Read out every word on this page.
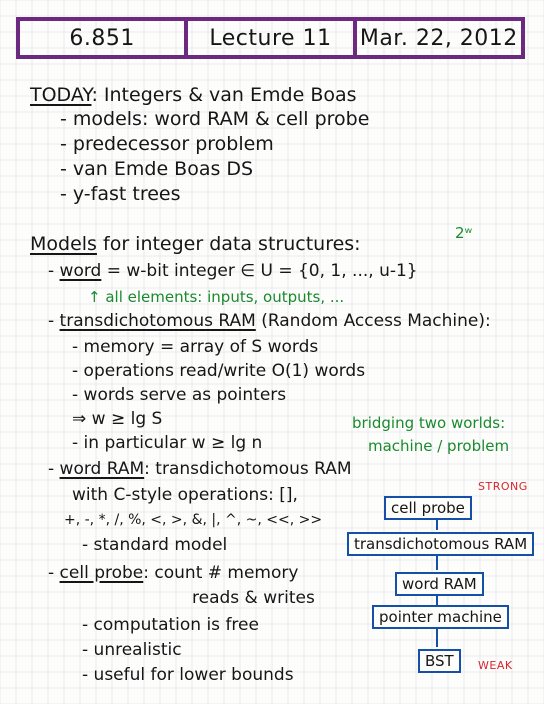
6.851	Lecture 11	Mar. 22, 2012
TODAY: Integers & van Emde Boas
- models: word RAM & cell probe
- predecessor problem
- van Emde Boas DS
- y-fast trees
Models for integer data structures:	2ʷ
- word = w-bit integer ∈ U = {0, 1, ..., u-1}
↑ all elements: inputs, outputs, ...
- transdichotomous RAM (Random Access Machine):
- memory = array of S words
- operations read/write O(1) words
- words serve as pointers
⇒ w ≥ lg S
- in particular w ≥ lg n
bridging two worlds:
machine / problem
- word RAM: transdichotomous RAM
with C-style operations: [],
+, -, *, /, %, <, >, &, |, ^, ~, <<, >>
- standard model
- cell probe: count # memory
reads & writes
- computation is free
- unrealistic
- useful for lower bounds
STRONG
cell probe
transdichotomous RAM
word RAM
pointer machine
BST	WEAK
